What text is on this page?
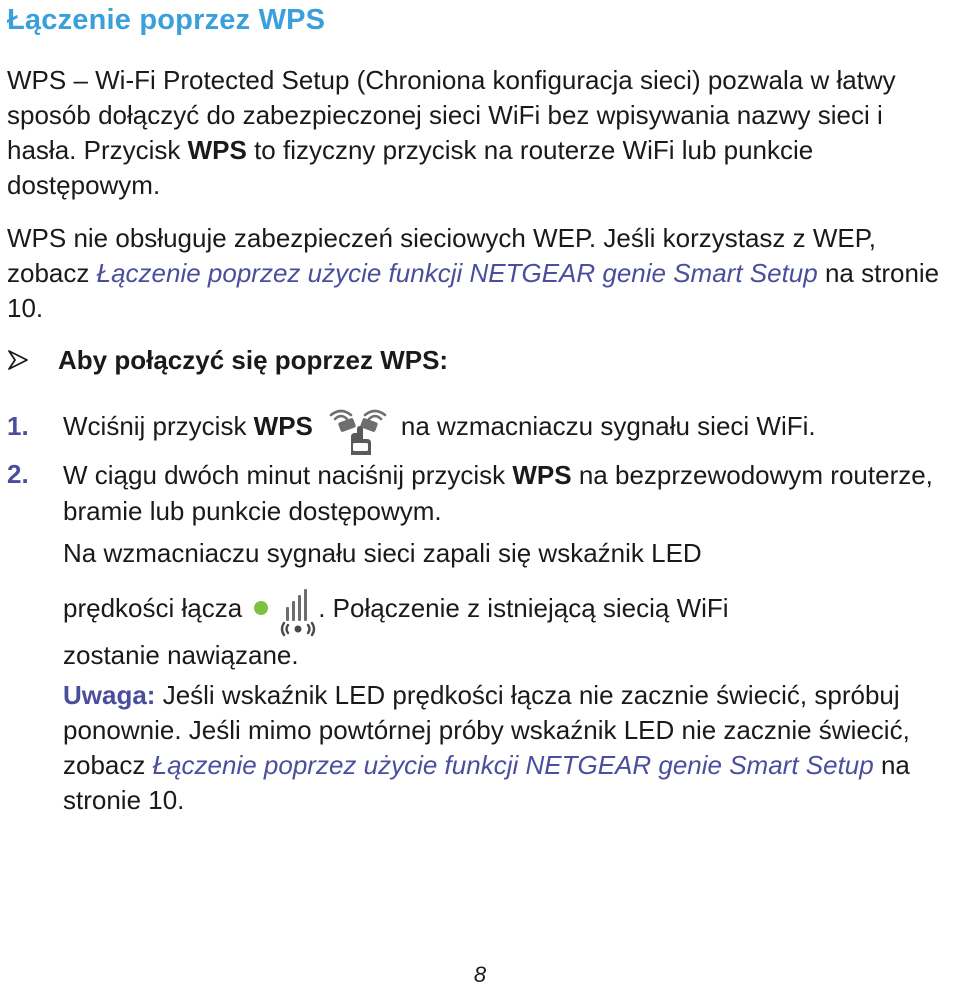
Łączenie poprzez WPS
WPS – Wi-Fi Protected Setup (Chroniona konfiguracja sieci) pozwala w łatwy sposób dołączyć do zabezpieczonej sieci WiFi bez wpisywania nazwy sieci i hasła. Przycisk WPS to fizyczny przycisk na routerze WiFi lub punkcie dostępowym.
WPS nie obsługuje zabezpieczeń sieciowych WEP. Jeśli korzystasz z WEP, zobacz Łączenie poprzez użycie funkcji NETGEAR genie Smart Setup na stronie 10.
Aby połączyć się poprzez WPS:
1. Wciśnij przycisk WPS	na wzmacniaczu sygnału sieci WiFi.
2. W ciągu dwóch minut naciśnij przycisk WPS na bezprzewodowym routerze, bramie lub punkcie dostępowym.
Na wzmacniaczu sygnału sieci zapali się wskaźnik LED
prędkości łącza	. Połączenie z istniejącą siecią WiFi
zostanie nawiązane.
Uwaga: Jeśli wskaźnik LED prędkości łącza nie zacznie świecić, spróbuj ponownie. Jeśli mimo powtórnej próby wskaźnik LED nie zacznie świecić, zobacz Łączenie poprzez użycie funkcji NETGEAR genie Smart Setup na stronie 10.
8
